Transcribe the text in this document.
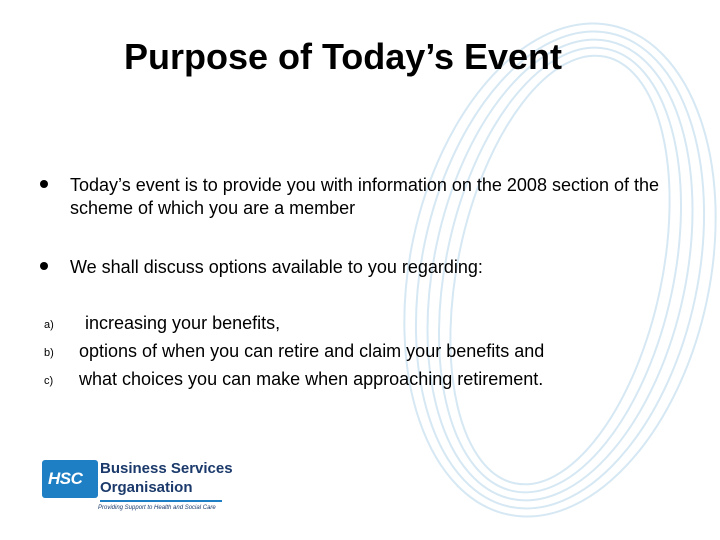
Purpose of Today’s Event
Today’s event is to provide you with information on the 2008 section of the scheme of which you are a member
We shall discuss options available to you regarding:
a) increasing your benefits,
b) options of when you can retire and claim your benefits and
c) what choices you can make when approaching retirement.
HSC
Business Services
Organisation
Providing Support to Health and Social Care
